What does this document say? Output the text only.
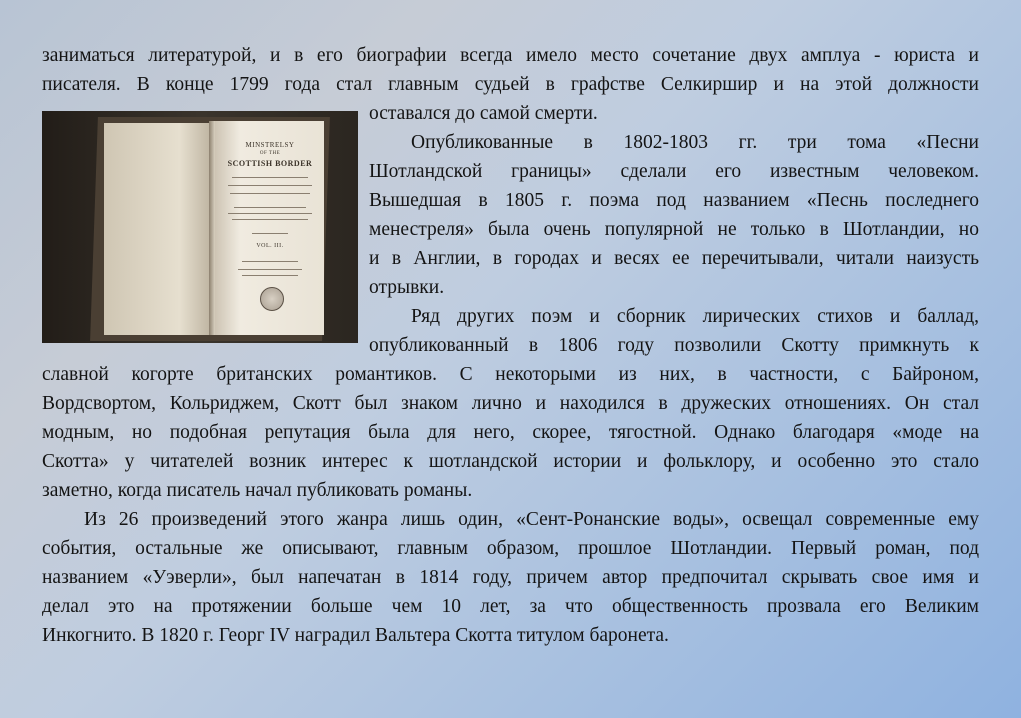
MINSTRELSY
OF THE
SCOTTISH BORDER
VOL. III.
заниматься литературой, и в его биографии всегда имело место сочетание двух амплуа - юриста и
писателя. В конце 1799 года стал главным судьей в графстве Селкиршир и на этой должности
оставался до самой смерти.
Опубликованные в 1802-1803 гг. три тома «Песни
Шотландской границы» сделали его известным человеком.
Вышедшая в 1805 г. поэма под названием «Песнь последнего
менестреля» была очень популярной не только в Шотландии, но
и в Англии, в городах и весях ее перечитывали, читали наизусть
отрывки.
Ряд других поэм и сборник лирических стихов и баллад,
опубликованный в 1806 году позволили Скотту примкнуть к
славной когорте британских романтиков. С некоторыми из них, в частности, с Байроном,
Вордсвортом, Кольриджем, Скотт был знаком лично и находился в дружеских отношениях. Он стал
модным, но подобная репутация была для него, скорее, тягостной. Однако благодаря «моде на
Скотта» у читателей возник интерес к шотландской истории и фольклору, и особенно это стало
заметно, когда писатель начал публиковать романы.
Из 26 произведений этого жанра лишь один, «Сент-Ронанские воды», освещал современные ему
события, остальные же описывают, главным образом, прошлое Шотландии. Первый роман, под
названием «Уэверли», был напечатан в 1814 году, причем автор предпочитал скрывать свое имя и
делал это на протяжении больше чем 10 лет, за что общественность прозвала его Великим
Инкогнито. В 1820 г. Георг IV наградил Вальтера Скотта титулом баронета.
